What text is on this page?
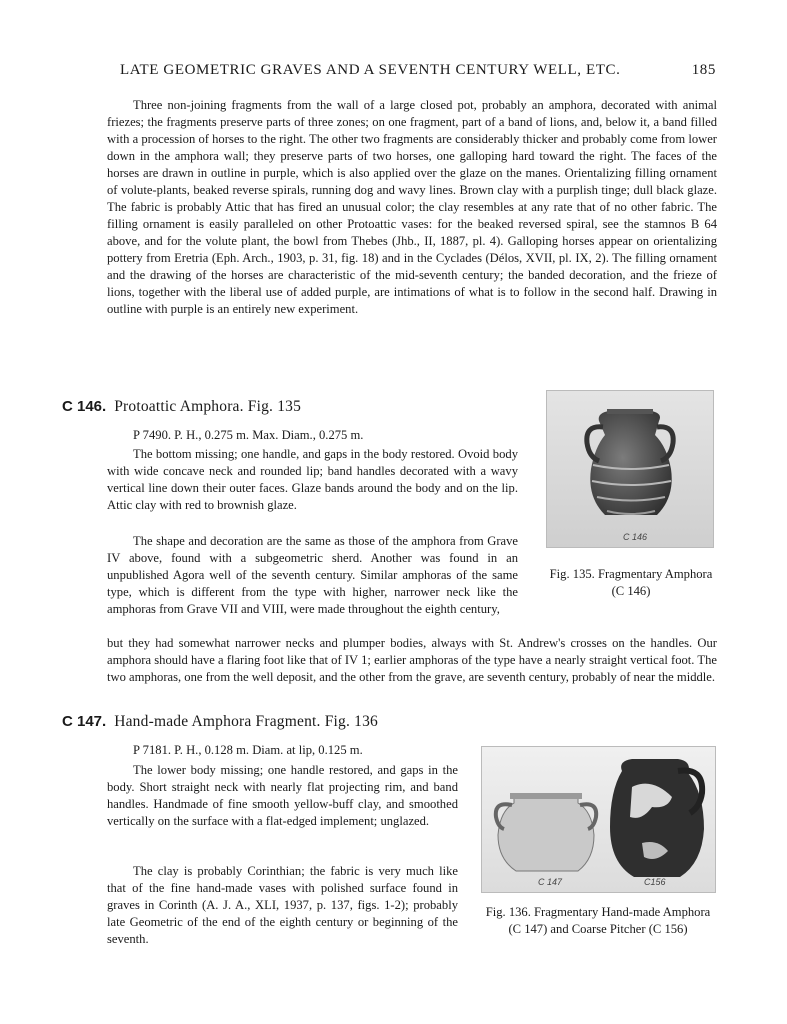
LATE GEOMETRIC GRAVES AND A SEVENTH CENTURY WELL, ETC.	185

Three non-joining fragments from the wall of a large closed pot, probably an amphora, decorated with animal friezes; the fragments preserve parts of three zones; on one fragment, part of a band of lions, and, below it, a band filled with a procession of horses to the right. The other two fragments are considerably thicker and probably come from lower down in the amphora wall; they preserve parts of two horses, one galloping hard toward the right. The faces of the horses are drawn in outline in purple, which is also applied over the glaze on the manes. Orientalizing filling ornament of volute-plants, beaked reverse spirals, running dog and wavy lines. Brown clay with a purplish tinge; dull black glaze. The fabric is probably Attic that has fired an unusual color; the clay resembles at any rate that of no other fabric. The filling ornament is easily paralleled on other Protoattic vases: for the beaked reversed spiral, see the stamnos B 64 above, and for the volute plant, the bowl from Thebes (Jhb., II, 1887, pl. 4). Galloping horses appear on orientalizing pottery from Eretria (Eph. Arch., 1903, p. 31, fig. 18) and in the Cyclades (Délos, XVII, pl. IX, 2). The filling ornament and the drawing of the horses are characteristic of the mid-seventh century; the banded decoration, and the frieze of lions, together with the liberal use of added purple, are intimations of what is to follow in the second half. Drawing in outline with purple is an entirely new experiment.

C 146. Protoattic Amphora. Fig. 135
P 7490. P. H., 0.275 m. Max. Diam., 0.275 m.

The bottom missing; one handle, and gaps in the body restored. Ovoid body with wide concave neck and rounded lip; band handles decorated with a wavy vertical line down their outer faces. Glaze bands around the body and on the lip. Attic clay with red to brownish glaze.

The shape and decoration are the same as those of the amphora from Grave IV above, found with a subgeometric sherd. Another was found in an unpublished Agora well of the seventh century. Similar amphoras of the same type, which is different from the type with higher, narrower neck like the amphoras from Grave VII and VIII, were made throughout the eighth century,

but they had somewhat narrower necks and plumper bodies, always with St. Andrew's crosses on the handles. Our amphora should have a flaring foot like that of IV 1; earlier amphoras of the type have a nearly straight vertical foot. The two amphoras, one from the well deposit, and the other from the grave, are seventh century, probably of near the middle.

C 146
Fig. 135. Fragmentary Amphora (C 146)
C 147. Hand-made Amphora Fragment. Fig. 136
P 7181. P. H., 0.128 m. Diam. at lip, 0.125 m.

The lower body missing; one handle restored, and gaps in the body. Short straight neck with nearly flat projecting rim, and band handles. Handmade of fine smooth yellow-buff clay, and smoothed vertically on the surface with a flat-edged implement; unglazed.

The clay is probably Corinthian; the fabric is very much like that of the fine hand-made vases with polished surface found in graves in Corinth (A. J. A., XLI, 1937, p. 137, figs. 1-2); probably late Geometric of the end of the eighth century or beginning of the seventh.

C 147	C156
Fig. 136. Fragmentary Hand-made Amphora (C 147) and Coarse Pitcher (C 156)
